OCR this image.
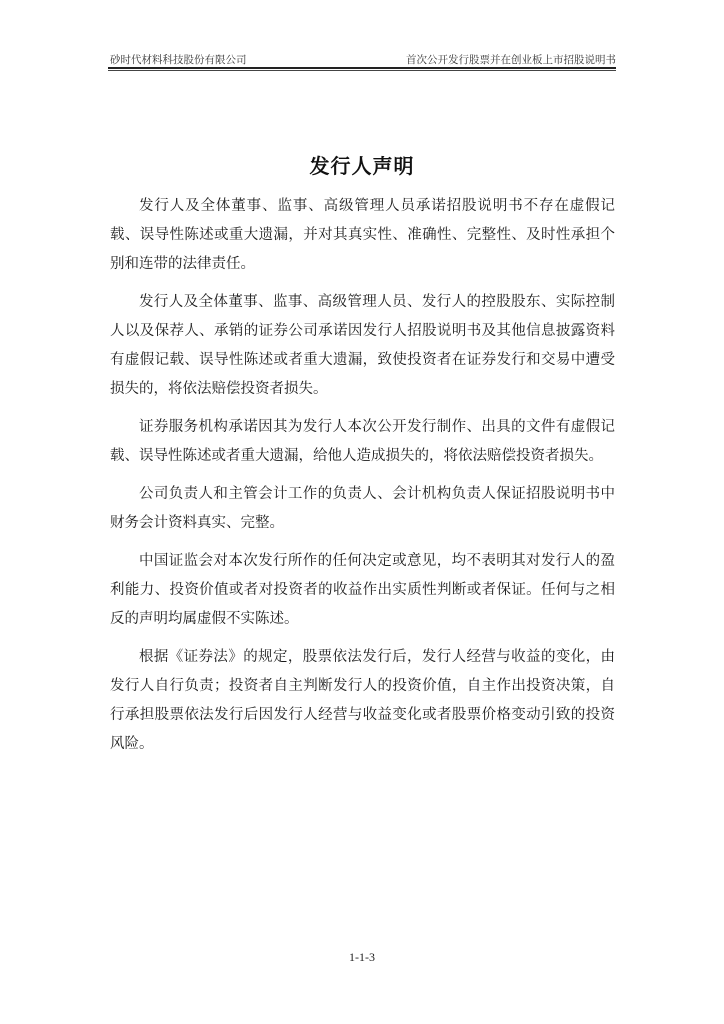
砂时代材料科技股份有限公司	首次公开发行股票并在创业板上市招股说明书
发行人声明

发行人及全体董事、监事、高级管理人员承诺招股说明书不存在虚假记载、误导性陈述或重大遗漏，并对其真实性、准确性、完整性、及时性承担个别和连带的法律责任。

发行人及全体董事、监事、高级管理人员、发行人的控股股东、实际控制人以及保荐人、承销的证券公司承诺因发行人招股说明书及其他信息披露资料有虚假记载、误导性陈述或者重大遗漏，致使投资者在证券发行和交易中遭受损失的，将依法赔偿投资者损失。

证券服务机构承诺因其为发行人本次公开发行制作、出具的文件有虚假记载、误导性陈述或者重大遗漏，给他人造成损失的，将依法赔偿投资者损失。

公司负责人和主管会计工作的负责人、会计机构负责人保证招股说明书中财务会计资料真实、完整。

中国证监会对本次发行所作的任何决定或意见，均不表明其对发行人的盈利能力、投资价值或者对投资者的收益作出实质性判断或者保证。任何与之相反的声明均属虚假不实陈述。

根据《证券法》的规定，股票依法发行后，发行人经营与收益的变化，由发行人自行负责；投资者自主判断发行人的投资价值，自主作出投资决策，自行承担股票依法发行后因发行人经营与收益变化或者股票价格变动引致的投资风险。

1-1-3
